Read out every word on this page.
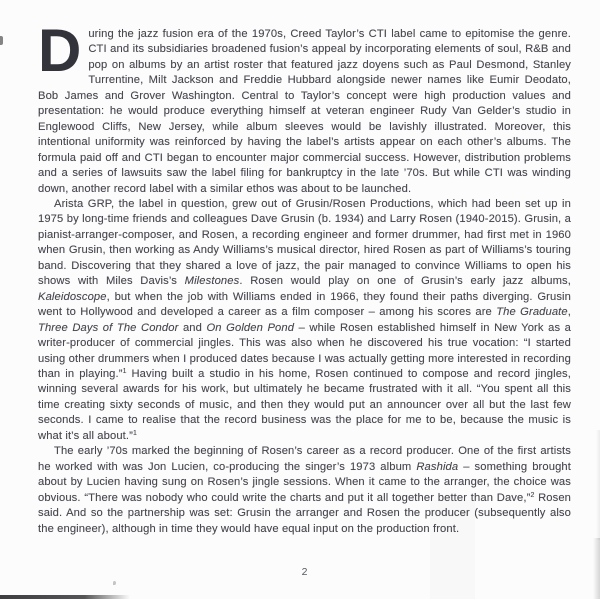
During the jazz fusion era of the 1970s, Creed Taylor’s CTI label came to epitomise the genre. CTI and its subsidiaries broadened fusion’s appeal by incorporating elements of soul, R&B and pop on albums by an artist roster that featured jazz doyens such as Paul Desmond, Stanley Turrentine, Milt Jackson and Freddie Hubbard alongside newer names like Eumir Deodato, Bob James and Grover Washington. Central to Taylor’s concept were high production values and presentation: he would produce everything himself at veteran engineer Rudy Van Gelder’s studio in Englewood Cliffs, New Jersey, while album sleeves would be lavishly illustrated. Moreover, this intentional uniformity was reinforced by having the label’s artists appear on each other’s albums. The formula paid off and CTI began to encounter major commercial success. However, distribution problems and a series of lawsuits saw the label filing for bankruptcy in the late ’70s. But while CTI was winding down, another record label with a similar ethos was about to be launched.

Arista GRP, the label in question, grew out of Grusin/Rosen Productions, which had been set up in 1975 by long-time friends and colleagues Dave Grusin (b. 1934) and Larry Rosen (1940-2015). Grusin, a pianist-arranger-composer, and Rosen, a recording engineer and former drummer, had first met in 1960 when Grusin, then working as Andy Williams’s musical director, hired Rosen as part of Williams’s touring band. Discovering that they shared a love of jazz, the pair managed to convince Williams to open his shows with Miles Davis’s Milestones. Rosen would play on one of Grusin’s early jazz albums, Kaleidoscope, but when the job with Williams ended in 1966, they found their paths diverging. Grusin went to Hollywood and developed a career as a film composer – among his scores are The Graduate, Three Days of The Condor and On Golden Pond – while Rosen established himself in New York as a writer-producer of commercial jingles. This was also when he discovered his true vocation: “I started using other drummers when I produced dates because I was actually getting more interested in recording than in playing.”$^1$ Having built a studio in his home, Rosen continued to compose and record jingles, winning several awards for his work, but ultimately he became frustrated with it all. “You spent all this time creating sixty seconds of music, and then they would put an announcer over all but the last few seconds. I came to realise that the record business was the place for me to be, because the music is what it’s all about.”$^1$

The early ’70s marked the beginning of Rosen’s career as a record producer. One of the first artists he worked with was Jon Lucien, co-producing the singer’s 1973 album Rashida – something brought about by Lucien having sung on Rosen’s jingle sessions. When it came to the arranger, the choice was obvious. “There was nobody who could write the charts and put it all together better than Dave,”$^2$ Rosen said. And so the partnership was set: Grusin the arranger and Rosen the producer (subsequently also the engineer), although in time they would have equal input on the production front.

2
